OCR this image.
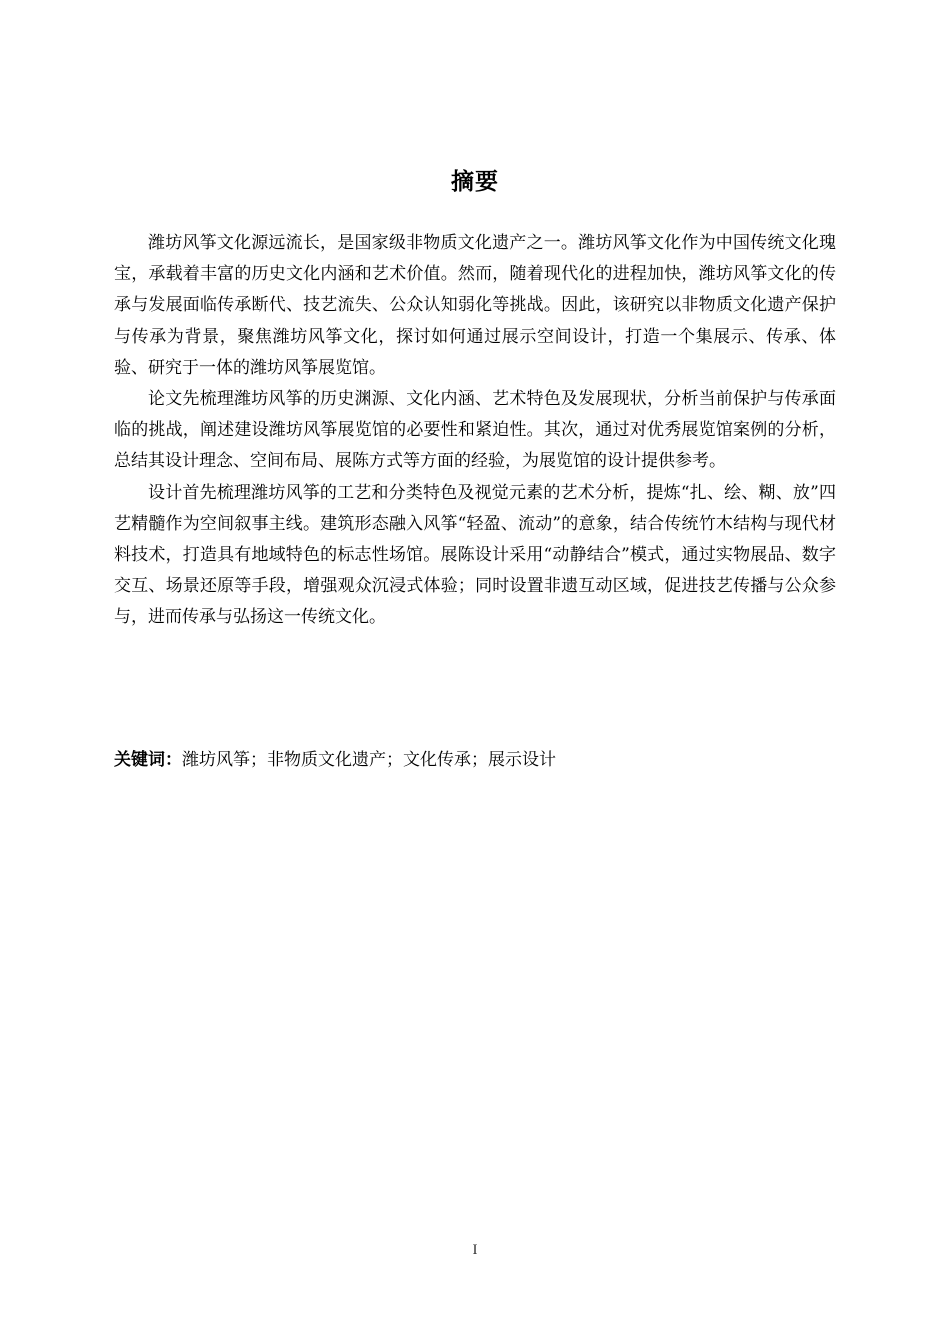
摘要

潍坊风筝文化源远流长，是国家级非物质文化遗产之一。潍坊风筝文化作为中国传统文化瑰宝，承载着丰富的历史文化内涵和艺术价值。然而，随着现代化的进程加快，潍坊风筝文化的传承与发展面临传承断代、技艺流失、公众认知弱化等挑战。因此，该研究以非物质文化遗产保护与传承为背景，聚焦潍坊风筝文化，探讨如何通过展示空间设计，打造一个集展示、传承、体验、研究于一体的潍坊风筝展览馆。

论文先梳理潍坊风筝的历史渊源、文化内涵、艺术特色及发展现状，分析当前保护与传承面临的挑战，阐述建设潍坊风筝展览馆的必要性和紧迫性。其次，通过对优秀展览馆案例的分析，总结其设计理念、空间布局、展陈方式等方面的经验，为展览馆的设计提供参考。

设计首先梳理潍坊风筝的工艺和分类特色及视觉元素的艺术分析，提炼“扎、绘、糊、放”四艺精髓作为空间叙事主线。建筑形态融入风筝“轻盈、流动”的意象，结合传统竹木结构与现代材料技术，打造具有地域特色的标志性场馆。展陈设计采用“动静结合”模式，通过实物展品、数字交互、场景还原等手段，增强观众沉浸式体验；同时设置非遗互动区域，促进技艺传播与公众参与，进而传承与弘扬这一传统文化。

关键词：潍坊风筝；非物质文化遗产；文化传承；展示设计
I
